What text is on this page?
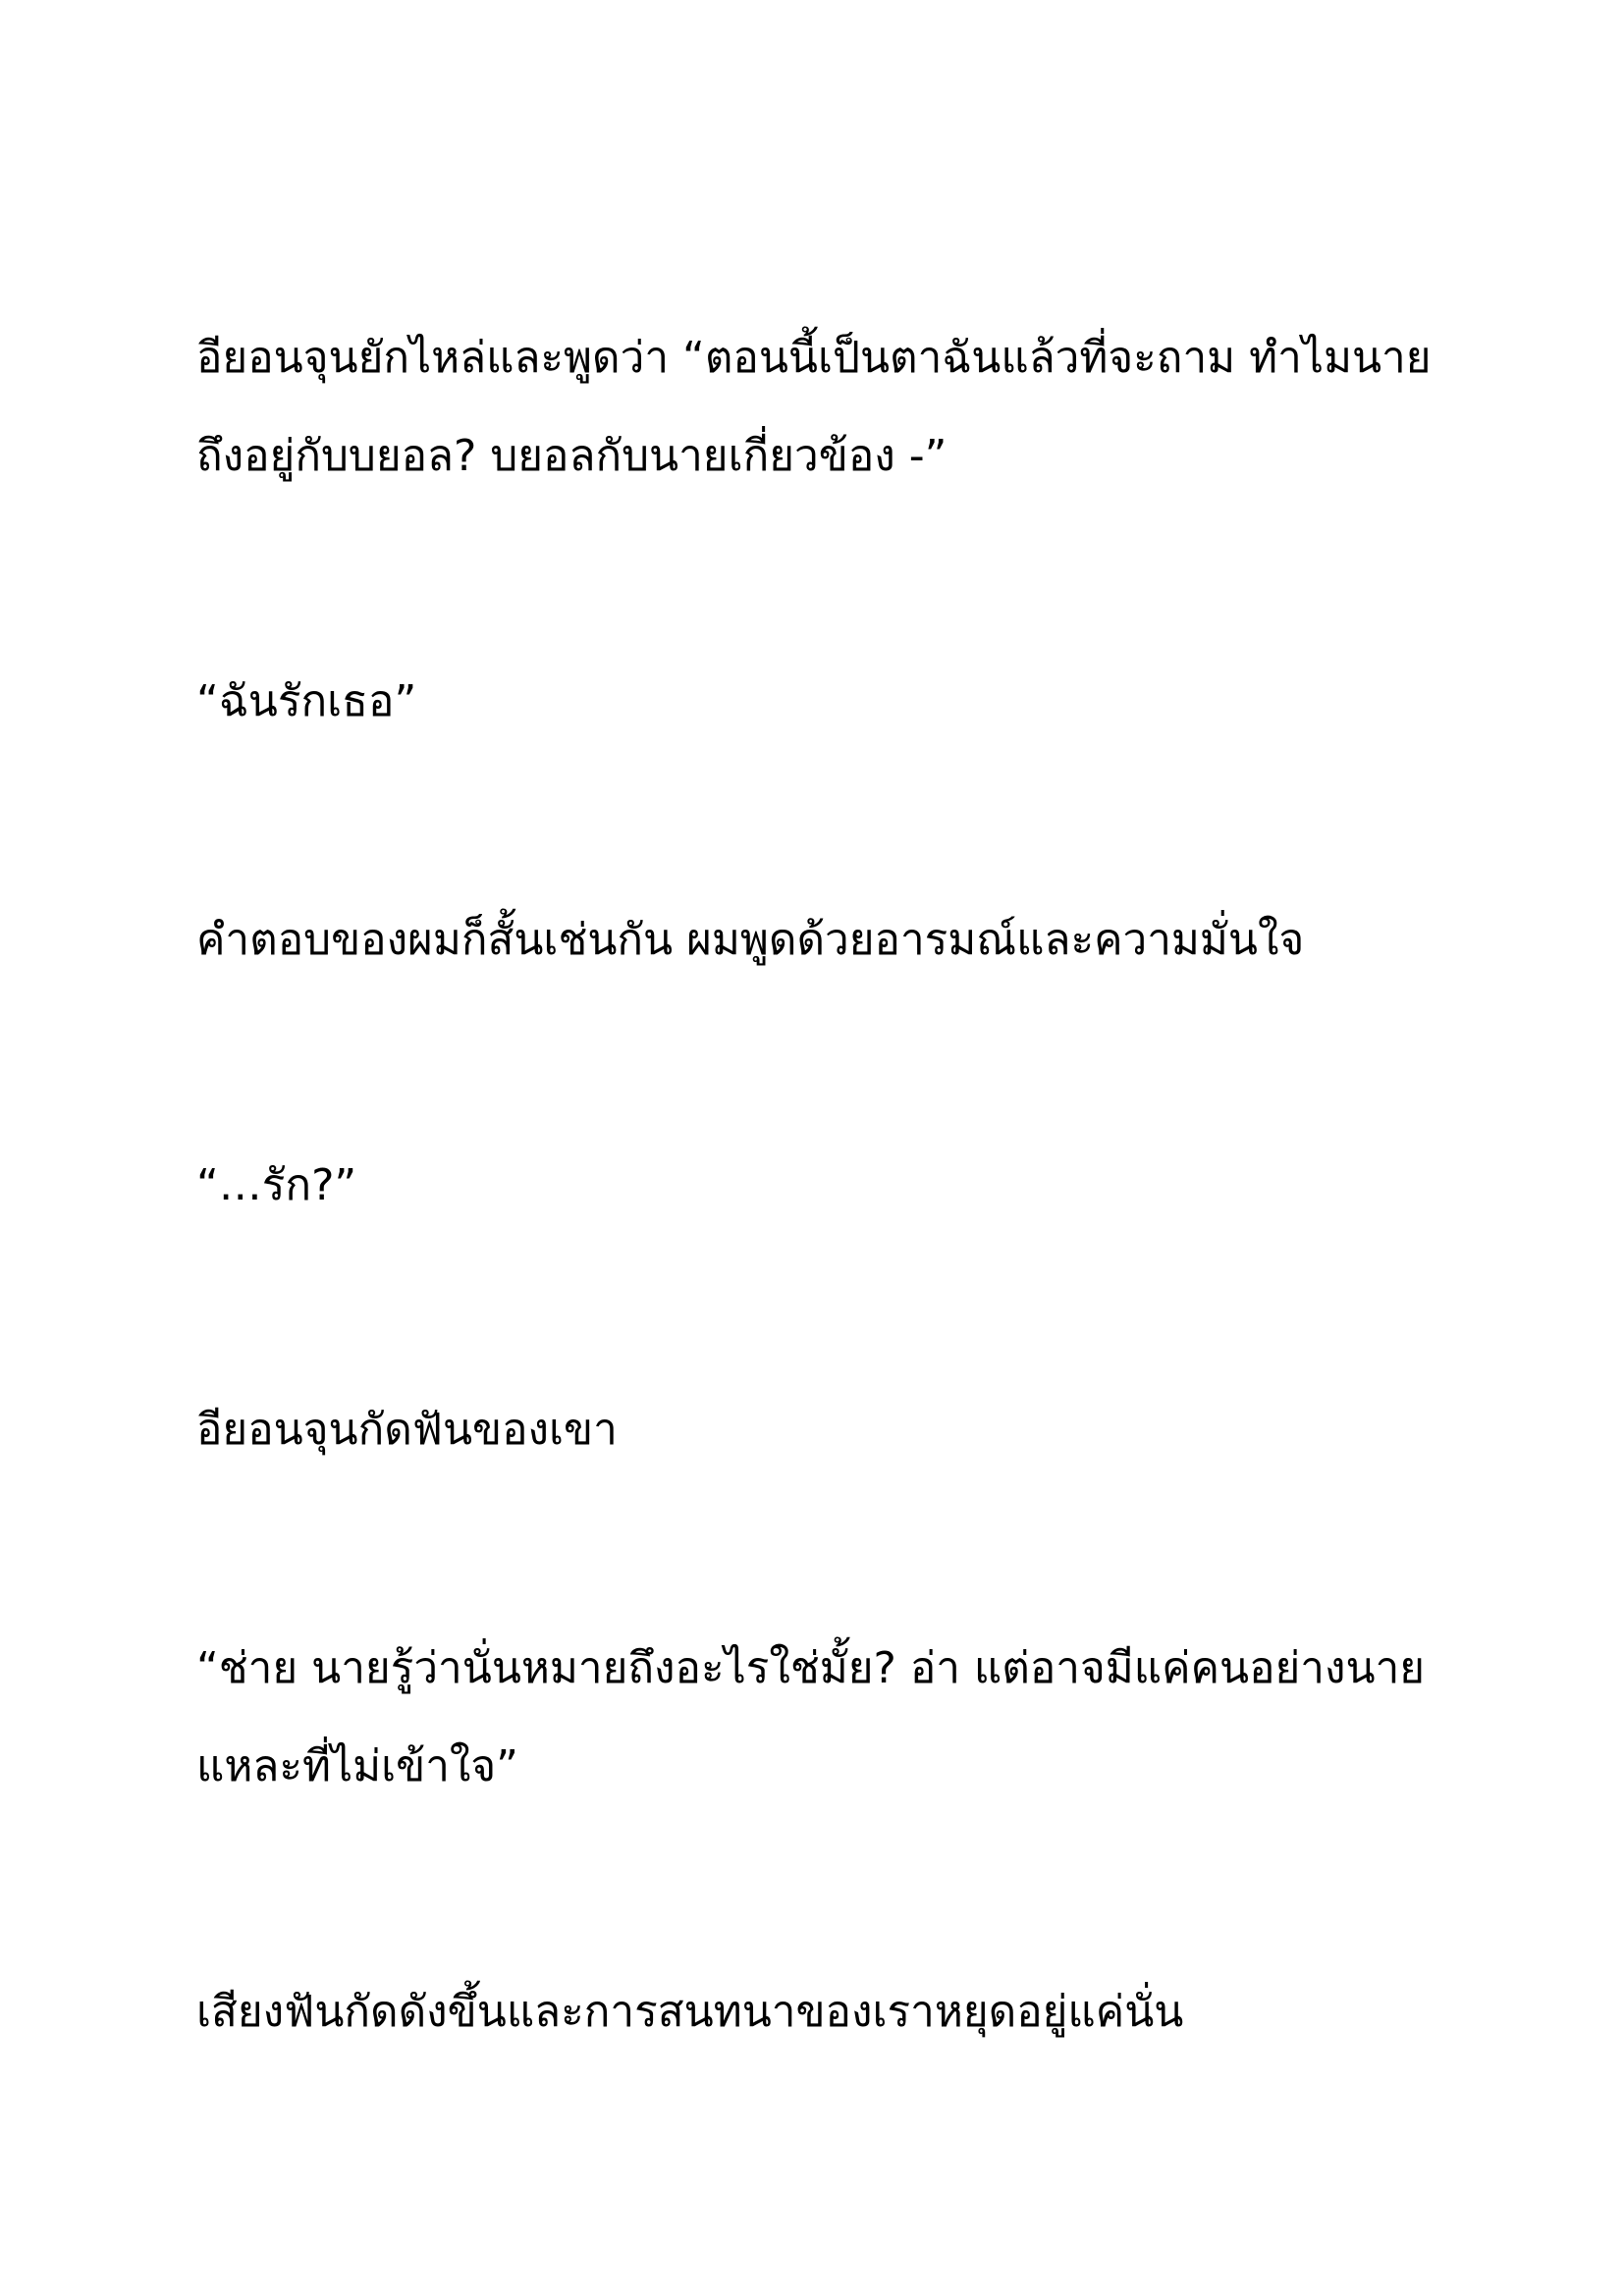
อียอนจุนยักไหล่และพูดว่า “ตอนนี้เป็นตาฉันแล้วที่จะถาม ทำไมนาย

ถึงอยู่กับบยอล? บยอลกับนายเกี่ยวข้อง -”

“ฉันรักเธอ”

คำตอบของผมก็สั้นเช่นกัน ผมพูดด้วยอารมณ์และความมั่นใจ

“…รัก?”

อียอนจุนกัดฟันของเขา

“ช่าย นายรู้ว่านั่นหมายถึงอะไรใช่มั้ย? อ่า แต่อาจมีแค่คนอย่างนาย

แหละที่ไม่เข้าใจ”

เสียงฟันกัดดังขึ้นและการสนทนาของเราหยุดอยู่แค่นั่น
